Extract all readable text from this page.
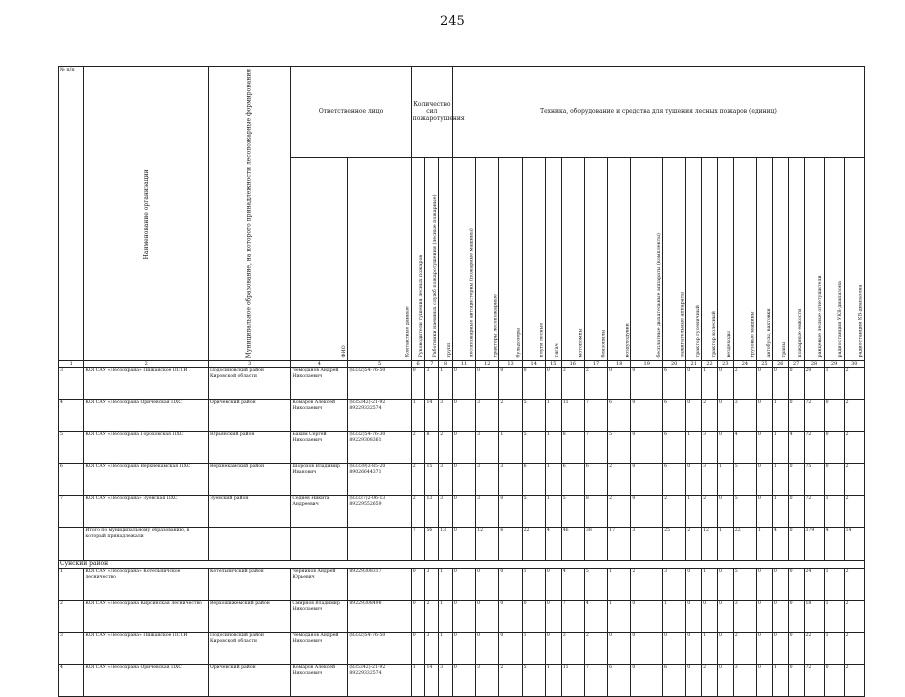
245
№ п/п	Наименование организации	Муниципальное образование, на которого принадлежности лесопожарные формирования	Ответственное лицо		Количество сил пожаротушения			Техника, оборудование и средства для тушения лесных пожаров (единиц)																			
			ФИО	Контактные данные	Руководители тушения лесных пожаров	Работники наемных служб пожаротушения (лесные пожарные)	групп	лесопожарные автоцистерны (пожарные машины)	тракторы лесопожарные	бульдозеры	плуги лесные	тягач	мотопомпы	бензопилы	воздуходувки	бесплатные дыхательные аппараты (комплекты)	зажигательные аппараты	трактор гусеничный	трактор колесный	вездеходы	грузовые машины	автобусы, вахтовки	трапы	пожарные емкости	ранцевые лесные огнетушители	радиостанции УКВ-диапазона	радиостанции КВ-диапазона
1	2	3	4	5	6	7	8	11	12	13	14	15	16	17	18	19	20	21	22	23	24	25	26	27	28	29	30
3	КОГСАУ «Лесоохрана» Пижанское ПСТИ	Подосиновский район Кировской области	Чемоданов Андрей Николаевич	(8332)54-76-50	0	3	1	0	0	0	0	0	3	2	0	0	6	0	1	0	2	0	0	0	20	1	2
4	КОГСАУ «Лесоохрана Оричевская ПХС	Оричевский район	Комаров Алексей Николаевич	(835342)-21-92 89229332574	1	14	3	0	3	2	5	1	11	7	6	0	6	0	2	0	3	0	1	0	72	0	2
5	КОГСАУ «Лесоохрана Гороховская ПХС	Юрьянский район	Бахим Сергей Николаевич	(8332)54-76-30 89229308361	2	8	2	0	3	1	5	1	8	7	5	0	6	1	3	0	4	0	1	4	72	0	2
6	КОГСАУ «Лесоохрана Верхнекамская ПХС	Верхнекамский район	Шорохов Владимир Иванович	(83339)3-85-20 89026644371	2	15	3	0	3	3	6	1	6	6	2	0	6	0	3	1	5	0	1	0	75	0	2
7	КОГСАУ «Лесоохрана» Зуевская ПХС	Зуевский район	Седнев Никита Андреевич	(83337)2-06-13 89229552659	2	13	3	0	3	0	5	1	5	8	2	0	2	1	2	0	5	0	1	0	72	1	2
	Итого по муниципальному образованию, в который принадлежали				7	56	13	0	12	6	22	4	46	38	17	3	25	2	12	1	22	1	4	0	379	4	14
Сунский район																											
1	КОГСАУ «Лесоохрана» Котельничское лесничество	Котельничский район	Черников Андрей Юрьевич	89229308317	0	3	1	0	0	0	1	0	4	5	1	2	3	0	1	0	5	0	0	0	24	1	2
2	КОГСАУ «Лесоохрана Кирсинская лесничество	Верхошижемский район	Смирнов Владимир Николаевич	89229308498	0	2	1	0	0	0	0	0	7	4	1	0	1	0	0	0	3	0	0	0	18	1	2
3	КОГСАУ «Лесоохрана» Пижанское ПСТИ	Подосиновский район Кировской области	Чемоданов Андрей Николаевич	(8332)54-76-50	0	3	1	0	0	0	1	0	3	2	0	0	0	0	1	0	2	0	0	0	22	1	2
4	КОГСАУ «Лесоохрана Оричевская ПХС	Оричевский район	Комаров Алексей Николаевич	(835342)-21-92 89229332574	1	14	3	0	3	2	5	1	11	7	6	0	6	0	2	0	3	0	1	0	72	0	2
